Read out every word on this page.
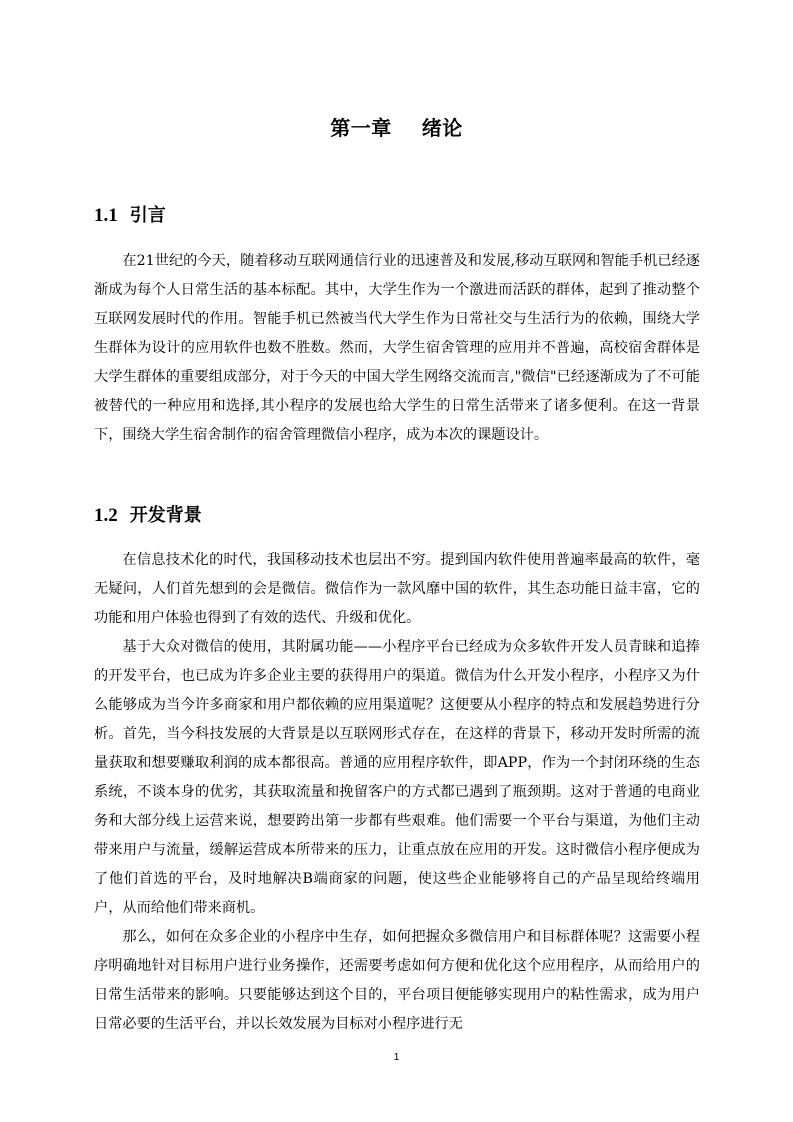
第一章 绪论
1.1 引言

在21世纪的今天，随着移动互联网通信行业的迅速普及和发展,移动互联网和智能手机已经逐渐成为每个人日常生活的基本标配。其中，大学生作为一个激进而活跃的群体，起到了推动整个互联网发展时代的作用。智能手机已然被当代大学生作为日常社交与生活行为的依赖，围绕大学生群体为设计的应用软件也数不胜数。然而，大学生宿舍管理的应用并不普遍，高校宿舍群体是大学生群体的重要组成部分，对于今天的中国大学生网络交流而言,"微信"已经逐渐成为了不可能被替代的一种应用和选择,其小程序的发展也给大学生的日常生活带来了诸多便利。在这一背景下，围绕大学生宿舍制作的宿舍管理微信小程序，成为本次的课题设计。

1.2 开发背景

在信息技术化的时代，我国移动技术也层出不穷。提到国内软件使用普遍率最高的软件，毫无疑问，人们首先想到的会是微信。微信作为一款风靡中国的软件，其生态功能日益丰富，它的功能和用户体验也得到了有效的迭代、升级和优化。

基于大众对微信的使用，其附属功能——小程序平台已经成为众多软件开发人员青睐和追捧的开发平台，也已成为许多企业主要的获得用户的渠道。微信为什么开发小程序，小程序又为什么能够成为当今许多商家和用户都依赖的应用渠道呢？这便要从小程序的特点和发展趋势进行分析。首先，当今科技发展的大背景是以互联网形式存在，在这样的背景下，移动开发时所需的流量获取和想要赚取利润的成本都很高。普通的应用程序软件，即APP，作为一个封闭环绕的生态系统，不谈本身的优劣，其获取流量和挽留客户的方式都已遇到了瓶颈期。这对于普通的电商业务和大部分线上运营来说，想要跨出第一步都有些艰难。他们需要一个平台与渠道，为他们主动带来用户与流量，缓解运营成本所带来的压力，让重点放在应用的开发。这时微信小程序便成为了他们首选的平台，及时地解决B端商家的问题，使这些企业能够将自己的产品呈现给终端用户，从而给他们带来商机。

那么，如何在众多企业的小程序中生存，如何把握众多微信用户和目标群体呢？这需要小程序明确地针对目标用户进行业务操作，还需要考虑如何方便和优化这个应用程序，从而给用户的日常生活带来的影响。只要能够达到这个目的，平台项目便能够实现用户的粘性需求，成为用户日常必要的生活平台，并以长效发展为目标对小程序进行无

1
